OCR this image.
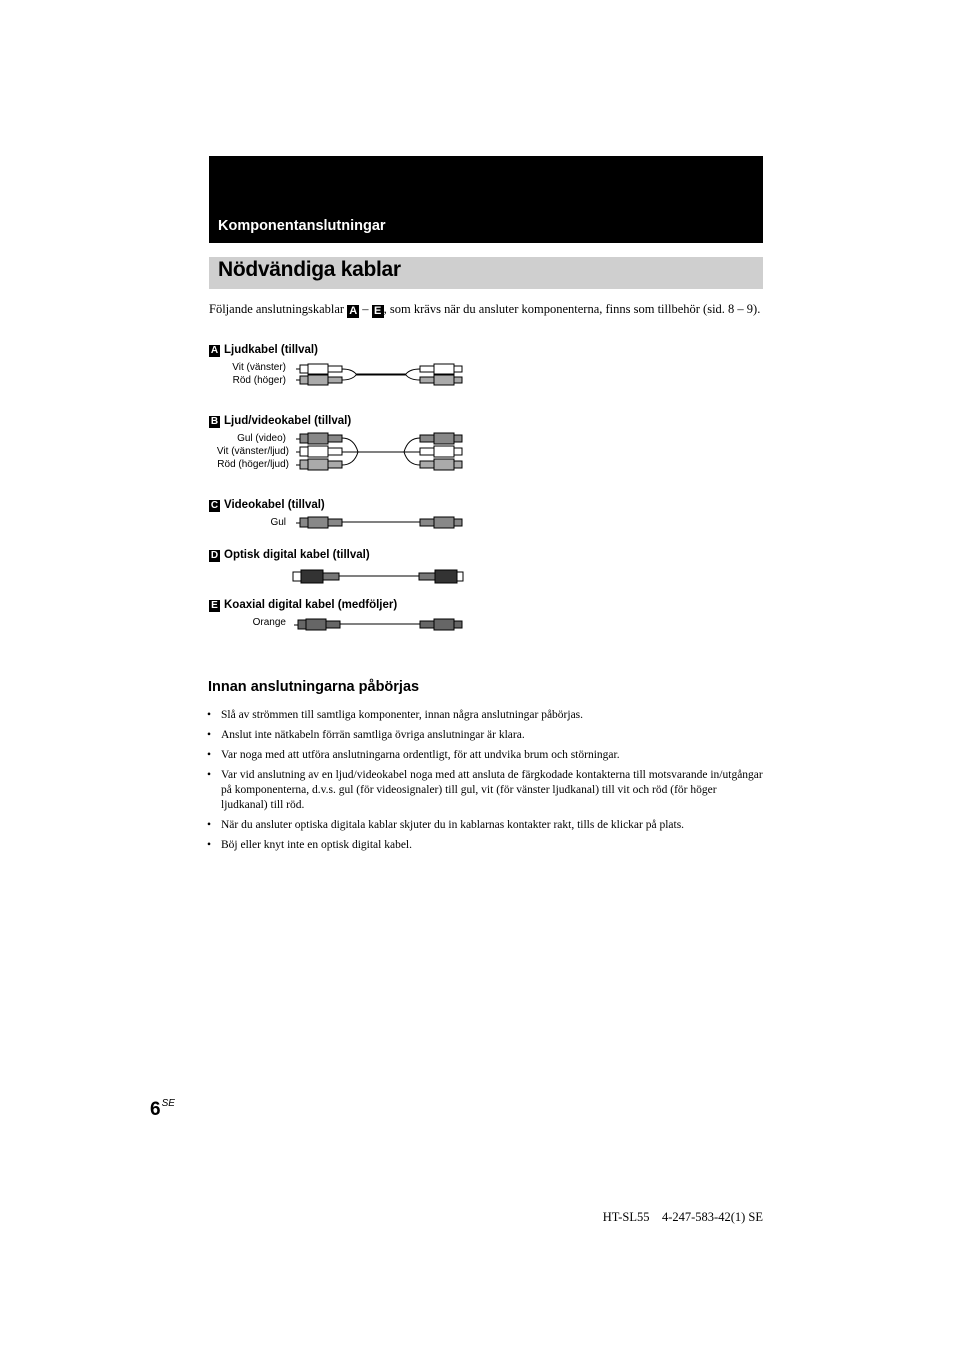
Komponentanslutningar
Nödvändiga kablar
Följande anslutningskablar A – E , som krävs när du ansluter komponenterna, finns som tillbehör (sid. 8 – 9).
A Ljudkabel (tillval)
Vit (vänster)
Röd (höger)
B Ljud/videokabel (tillval)
Gul (video)
Vit (vänster/ljud)
Röd (höger/ljud)
C Videokabel (tillval)
Gul
D Optisk digital kabel (tillval)
E Koaxial digital kabel (medföljer)
Orange
Innan anslutningarna påbörjas
• Slå av strömmen till samtliga komponenter, innan några anslutningar påbörjas.
• Anslut inte nätkabeln förrän samtliga övriga anslutningar är klara.
• Var noga med att utföra anslutningarna ordentligt, för att undvika brum och störningar.
• Var vid anslutning av en ljud/videokabel noga med att ansluta de färgkodade kontakterna till motsvarande in/utgångar på komponenterna, d.v.s. gul (för videosignaler) till gul, vit (för vänster ljudkanal) till vit och röd (för höger ljudkanal) till röd.
• När du ansluter optiska digitala kablar skjuter du in kablarnas kontakter rakt, tills de klickar på plats.
• Böj eller knyt inte en optisk digital kabel.
$6^{SE}$
HT-SL55    4-247-583-42(1) SE
